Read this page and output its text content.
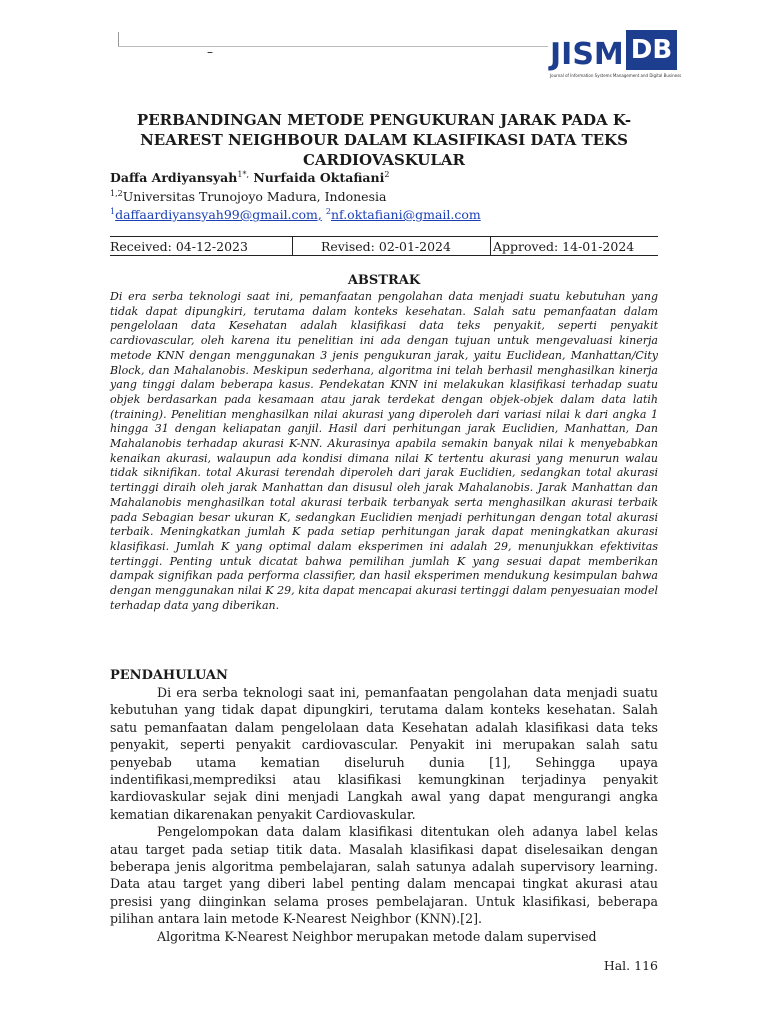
–	JISM DB
Journal of Information Systems Management and Digital Business
PERBANDINGAN METODE PENGUKURAN JARAK PADA K-NEAREST NEIGHBOUR DALAM KLASIFIKASI DATA TEKS CARDIOVASKULAR
Daffa Ardiyansyah$^{1*,}$ Nurfaida Oktafiani$^2$
$^{1,2}$Universitas Trunojoyo Madura, Indonesia
$^1$daffaardiyansyah99@gmail.com, $^2$nf.oktafiani@gmail.com
Received: 04-12-2023	Revised: 02-01-2024	Approved: 14-01-2024
ABSTRAK
Di era serba teknologi saat ini, pemanfaatan pengolahan data menjadi suatu kebutuhan yang tidak dapat dipungkiri, terutama dalam konteks kesehatan. Salah satu pemanfaatan dalam pengelolaan data Kesehatan adalah klasifikasi data teks penyakit, seperti penyakit cardiovascular, oleh karena itu penelitian ini ada dengan tujuan untuk mengevaluasi kinerja metode KNN dengan menggunakan 3 jenis pengukuran jarak, yaitu Euclidean, Manhattan/City Block, dan Mahalanobis. Meskipun sederhana, algoritma ini telah berhasil menghasilkan kinerja yang tinggi dalam beberapa kasus. Pendekatan KNN ini melakukan klasifikasi terhadap suatu objek berdasarkan pada kesamaan atau jarak terdekat dengan objek-objek dalam data latih (training). Penelitian menghasilkan nilai akurasi yang diperoleh dari variasi nilai k dari angka 1 hingga 31 dengan keliapatan ganjil. Hasil dari perhitungan jarak Euclidien, Manhattan, Dan Mahalanobis terhadap akurasi K-NN. Akurasinya apabila semakin banyak nilai k menyebabkan kenaikan akurasi, walaupun ada kondisi dimana nilai K tertentu akurasi yang menurun walau tidak siknifikan. total Akurasi terendah diperoleh dari jarak Euclidien, sedangkan total akurasi tertinggi diraih oleh jarak Manhattan dan disusul oleh jarak Mahalanobis. Jarak Manhattan dan Mahalanobis menghasilkan total akurasi terbaik terbanyak serta menghasilkan akurasi terbaik pada Sebagian besar ukuran K, sedangkan Euclidien menjadi perhitungan dengan total akurasi terbaik. Meningkatkan jumlah K pada setiap perhitungan jarak dapat meningkatkan akurasi klasifikasi. Jumlah K yang optimal dalam eksperimen ini adalah 29, menunjukkan efektivitas tertinggi. Penting untuk dicatat bahwa pemilihan jumlah K yang sesuai dapat memberikan dampak signifikan pada performa classifier, dan hasil eksperimen mendukung kesimpulan bahwa dengan menggunakan nilai K 29, kita dapat mencapai akurasi tertinggi dalam penyesuaian model terhadap data yang diberikan.
PENDAHULUAN

Di era serba teknologi saat ini, pemanfaatan pengolahan data menjadi suatu kebutuhan yang tidak dapat dipungkiri, terutama dalam konteks kesehatan. Salah satu pemanfaatan dalam pengelolaan data Kesehatan adalah klasifikasi data teks penyakit, seperti penyakit cardiovascular. Penyakit ini merupakan salah satu penyebab utama kematian diseluruh dunia [1], Sehingga upaya indentifikasi,memprediksi atau klasifikasi kemungkinan terjadinya penyakit kardiovaskular sejak dini menjadi Langkah awal yang dapat mengurangi angka kematian dikarenakan penyakit Cardiovaskular.

Pengelompokan data dalam klasifikasi ditentukan oleh adanya label kelas atau target pada setiap titik data. Masalah klasifikasi dapat diselesaikan dengan beberapa jenis algoritma pembelajaran, salah satunya adalah supervisory learning. Data atau target yang diberi label penting dalam mencapai tingkat akurasi atau presisi yang diinginkan selama proses pembelajaran. Untuk klasifikasi, beberapa pilihan antara lain metode K-Nearest Neighbor (KNN).[2].

Algoritma K-Nearest Neighbor merupakan metode dalam supervised

Hal. 116
